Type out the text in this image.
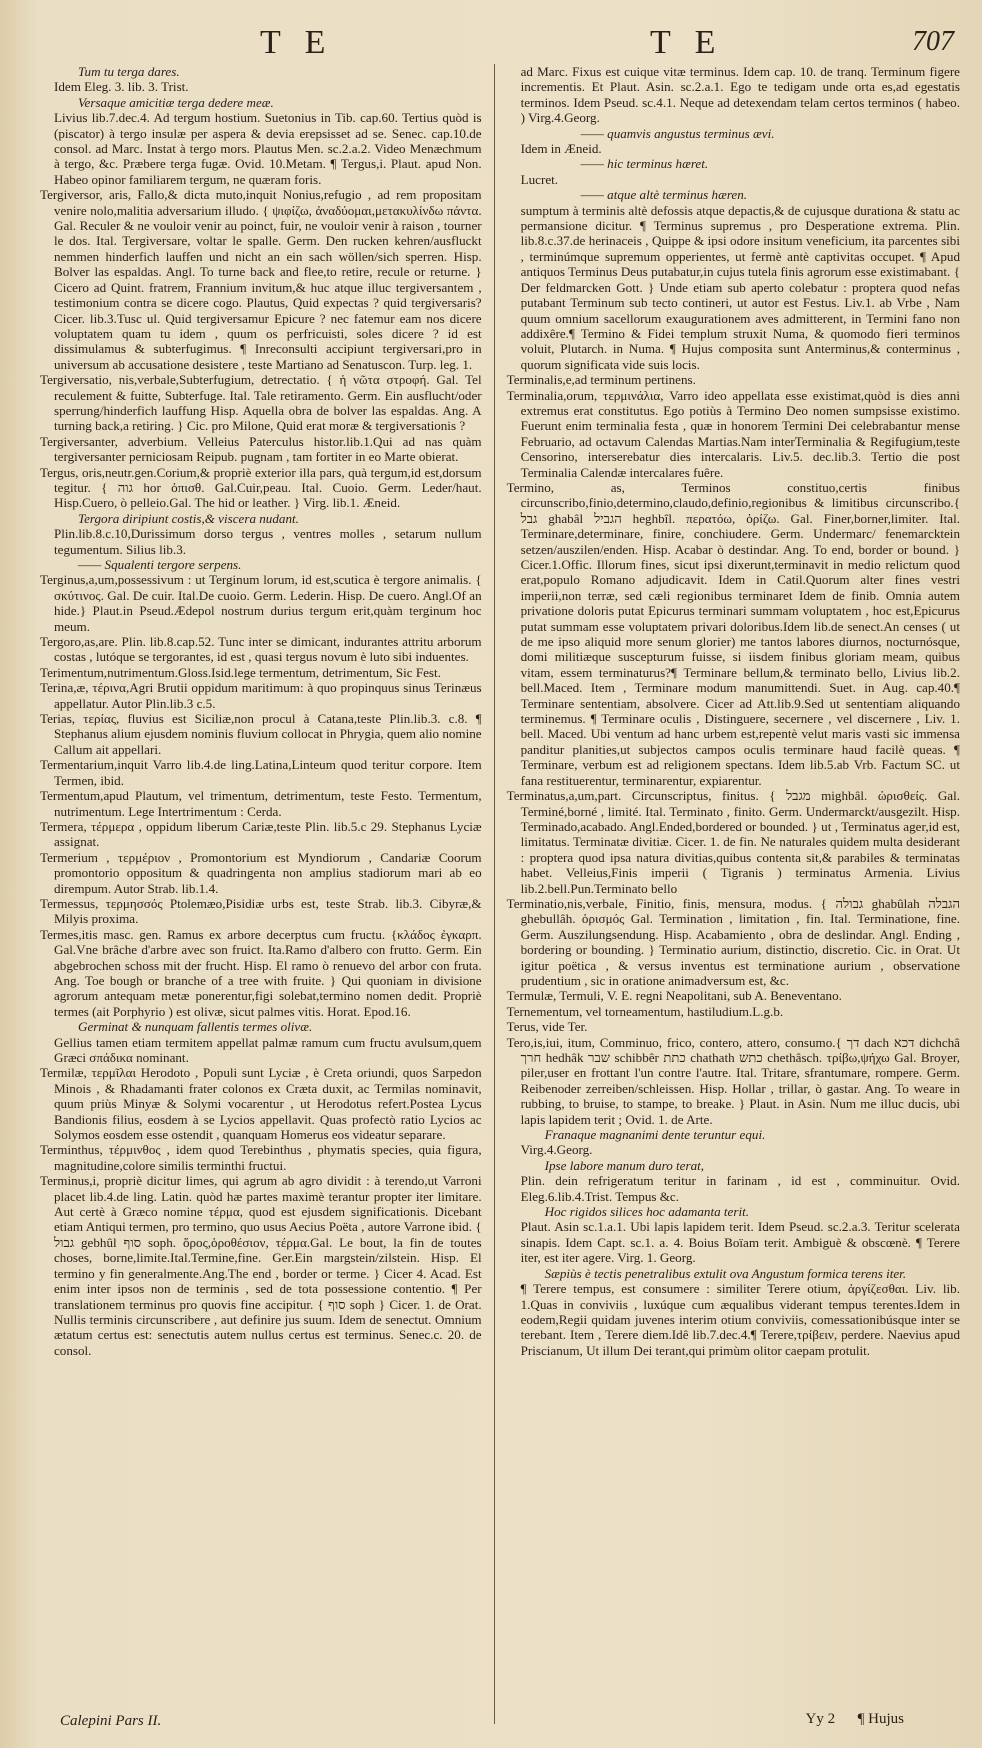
T E	T E	707

Tum tu terga dares.

Idem Eleg. 3. lib. 3. Trist.

Versaque amicitiæ terga dedere meæ.

Livius lib.7.dec.4. Ad tergum hostium. Suetonius in Tib. cap.60. Tertius quòd is (piscator) à tergo insulæ per aspera & devia erepsisset ad se. Senec. cap.10.de consol. ad Marc. Instat à tergo mors. Plautus Men. sc.2.a.2. Video Menæchmum à tergo, &c. Præbere terga fugæ. Ovid. 10.Metam. ¶ Tergus,i. Plaut. apud Non. Habeo opinor familiarem tergum, ne quæram foris.

Tergiversor, aris, Fallo,& dicta muto,inquit Nonius,refugio , ad rem propositam venire nolo,malitia adversarium illudo. { ψιφίζω, ἀναδύομαι,μετακυλίνδω πάντα. Gal. Reculer & ne vouloir venir au poinct, fuir, ne vouloir venir à raison , tourner le dos. Ital. Tergiversare, voltar le spalle. Germ. Den rucken kehren/ausfluckt nemmen hinderfich lauffen und nicht an ein sach wöllen/sich sperren. Hisp. Bolver las espaldas. Angl. To turne back and flee,to retire, recule or returne. } Cicero ad Quint. fratrem, Frannium invitum,& huc atque illuc tergiversantem , testimonium contra se dicere cogo. Plautus, Quid expectas ? quid tergiversaris? Cicer. lib.3.Tusc ul. Quid tergiversamur Epicure ? nec fatemur eam nos dicere voluptatem quam tu idem , quum os perfricuisti, soles dicere ? id est dissimulamus & subterfugimus. ¶ Inreconsulti accipiunt tergiversari,pro in universum ab accusatione desistere , teste Martiano ad Senatuscon. Turp. leg. 1.

Tergiversatio, nis,verbale,Subterfugium, detrectatio. { ἡ νῶτα στροφή. Gal. Tel reculement & fuitte, Subterfuge. Ital. Tale retiramento. Germ. Ein ausflucht/oder sperrung/hinderfich lauffung Hisp. Aquella obra de bolver las espaldas. Ang. A turning back,a retiring. } Cic. pro Milone, Quid erat moræ & tergiversationis ?

Tergiversanter, adverbium. Velleius Paterculus histor.lib.1.Qui ad nas quàm tergiversanter perniciosam Reipub. pugnam , tam fortiter in eo Marte obierat.

Tergus, oris,neutr.gen.Corium,& propriè exterior illa pars, quà tergum,id est,dorsum tegitur. { גוה hor ὀπισθ. Gal.Cuir,peau. Ital. Cuoio. Germ. Leder/haut. Hisp.Cuero, ò pelleio.Gal. The hid or leather. } Virg. lib.1. Æneid.

Tergora diripiunt costis,& viscera nudant.

Plin.lib.8.c.10,Durissimum dorso tergus , ventres molles , setarum nullum tegumentum. Silius lib.3.

—— Squalenti tergore serpens.

Terginus,a,um,possessivum : ut Terginum lorum, id est,scutica è tergore animalis. { σκύτινος. Gal. De cuir. Ital.De cuoio. Germ. Lederin. Hisp. De cuero. Angl.Of an hide.} Plaut.in Pseud.Ædepol nostrum durius tergum erit,quàm terginum hoc meum.

Tergoro,as,are. Plin. lib.8.cap.52. Tunc inter se dimicant, indurantes attritu arborum costas , lutóque se tergorantes, id est , quasi tergus novum è luto sibi induentes.

Terimentum,nutrimentum.Gloss.Isid.lege termentum, detrimentum, Sic Fest.

Terina,æ, τέρινα,Agri Brutii oppidum maritimum: à quo propinquus sinus Terinæus appellatur. Autor Plin.lib.3 c.5.

Terias, τερίας, fluvius est Siciliæ,non procul à Catana,teste Plin.lib.3. c.8. ¶ Stephanus alium ejusdem nominis fluvium collocat in Phrygia, quem alio nomine Callum ait appellari.

Termentarium,inquit Varro lib.4.de ling.Latina,Linteum quod teritur corpore. Item Termen, ibid.

Termentum,apud Plautum, vel trimentum, detrimentum, teste Festo. Termentum, nutrimentum. Lege Intertrimentum : Cerda.

Termera, τέρμερα , oppidum liberum Cariæ,teste Plin. lib.5.c 29. Stephanus Lyciæ assignat.

Termerium , τερμέριον , Promontorium est Myndiorum , Candariæ Coorum promontorio oppositum & quadringenta non amplius stadiorum mari ab eo dirempum. Autor Strab. lib.1.4.

Termessus, τερμησσός Ptolemæo,Pisidiæ urbs est, teste Strab. lib.3. Cibyræ,& Milyis proxima.

Termes,itis masc. gen. Ramus ex arbore decerptus cum fructu. {κλάδος ἐγκαρπ. Gal.Vne brâche d'arbre avec son fruict. Ita.Ramo d'albero con frutto. Germ. Ein abgebrochen schoss mit der frucht. Hisp. El ramo ò renuevo del arbor con fruta. Ang. Toe bough or branche of a tree with fruite. } Qui quoniam in divisione agrorum antequam metæ ponerentur,figi solebat,termino nomen dedit. Propriè termes (ait Porphyrio ) est olivæ, sicut palmes vitis. Horat. Epod.16.

Germinat & nunquam fallentis termes olivæ.

Gellius tamen etiam termitem appellat palmæ ramum cum fructu avulsum,quem Græci σπάδικα nominant.

Termilæ, τερμῖλαι Herodoto , Populi sunt Lyciæ , è Creta oriundi, quos Sarpedon Minois , & Rhadamanti frater colonos ex Cræta duxit, ac Termilas nominavit, quum priùs Minyæ & Solymi vocarentur , ut Herodotus refert.Postea Lycus Bandionis filius, eosdem à se Lycios appellavit. Quas profectò ratio Lycios ac Solymos eosdem esse ostendit , quanquam Homerus eos videatur separare.

Terminthus, τέρμινθος , idem quod Terebinthus , phymatis species, quia figura, magnitudine,colore similis terminthi fructui.

Terminus,i, propriè dicitur limes, qui agrum ab agro dividit : à terendo,ut Varroni placet lib.4.de ling. Latin. quòd hæ partes maximè terantur propter iter limitare. Aut certè à Græco nomine τέρμα, quod est ejusdem significationis. Dicebant etiam Antiqui termen, pro termino, quo usus Aecius Poëta , autore Varrone ibid. { גבול gebhûl סוף soph. ὅρος,ὁροθέσιον, τέρμα.Gal. Le bout, la fin de toutes choses, borne,limite.Ital.Termine,fine. Ger.Ein margstein/zilstein. Hisp. El termino y fin generalmente.Ang.The end , border or terme. } Cicer 4. Acad. Est enim inter ipsos non de terminis , sed de tota possessione contentio. ¶ Per translationem terminus pro quovis fine accipitur. { סוף soph } Cicer. 1. de Orat. Nullis terminis circunscribere , aut definire jus suum. Idem de senectut. Omnium ætatum certus est: senectutis autem nullus certus est terminus. Senec.c. 20. de consol.

ad Marc. Fixus est cuique vitæ terminus. Idem cap. 10. de tranq. Terminum figere incrementis. Et Plaut. Asin. sc.2.a.1. Ego te tedigam unde orta es,ad egestatis terminos. Idem Pseud. sc.4.1. Neque ad detexendam telam certos terminos ( habeo. ) Virg.4.Georg.

—— quamvis angustus terminus ævi.

Idem in Æneid.

—— hic terminus hæret.

Lucret.

—— atque altè terminus hæren.

sumptum à terminis altè defossis atque depactis,& de cujusque durationa & statu ac permansione dicitur. ¶ Terminus supremus , pro Desperatione extrema. Plin. lib.8.c.37.de herinaceis , Quippe & ipsi odore insitum veneficium, ita parcentes sibi , terminúmque supremum opperientes, ut fermè antè captivitas occupet. ¶ Apud antiquos Terminus Deus putabatur,in cujus tutela finis agrorum esse existimabant. { Der feldmarcken Gott. } Unde etiam sub aperto colebatur : proptera quod nefas putabant Terminum sub tecto contineri, ut autor est Festus. Liv.1. ab Vrbe , Nam quum omnium sacellorum exaugurationem aves admitterent, in Termini fano non addixêre.¶ Termino & Fidei templum struxit Numa, & quomodo fieri terminos voluit, Plutarch. in Numa. ¶ Hujus composita sunt Anterminus,& conterminus , quorum significata vide suis locis.

Terminalis,e,ad terminum pertinens.

Terminalia,orum, τερμινάλια, Varro ideo appellata esse existimat,quòd is dies anni extremus erat constitutus. Ego potiùs à Termino Deo nomen sumpsisse existimo. Fuerunt enim terminalia festa , quæ in honorem Termini Dei celebrabantur mense Februario, ad octavum Calendas Martias.Nam interTerminalia & Regifugium,teste Censorino, interserebatur dies intercalaris. Liv.5. dec.lib.3. Tertio die post Terminalia Calendæ intercalares fuêre.

Termino, as, Terminos constituo,certis finibus circunscribo,finio,determino,claudo,definio,regionibus & limitibus circunscribo.{ גבל ghabâl הגביל heghbîl. περατόω, ὁρίζω. Gal. Finer,borner,limiter. Ital. Terminare,determinare, finire, conchiudere. Germ. Undermarc/ fenemarcktein setzen/auszilen/enden. Hisp. Acabar ò destindar. Ang. To end, border or bound. } Cicer.1.Offic. Illorum fines, sicut ipsi dixerunt,terminavit in medio relictum quod erat,populo Romano adjudicavit. Idem in Catil.Quorum alter fines vestri imperii,non terræ, sed cæli regionibus terminaret Idem de finib. Omnia autem privatione doloris putat Epicurus terminari summam voluptatem , hoc est,Epicurus putat summam esse voluptatem privari doloribus.Idem lib.de senect.An censes ( ut de me ipso aliquid more senum glorier) me tantos labores diurnos, nocturnósque, domi militiæque suscepturum fuisse, si iisdem finibus gloriam meam, quibus vitam, essem terminaturus?¶ Terminare bellum,& terminato bello, Livius lib.2. bell.Maced. Item , Terminare modum manumittendi. Suet. in Aug. cap.40.¶ Terminare sententiam, absolvere. Cicer ad Att.lib.9.Sed ut sententiam aliquando terminemus. ¶ Terminare oculis , Distinguere, secernere , vel discernere , Liv. 1. bell. Maced. Ubi ventum ad hanc urbem est,repentè velut maris vasti sic immensa panditur planities,ut subjectos campos oculis terminare haud facilè queas. ¶ Terminare, verbum est ad religionem spectans. Idem lib.5.ab Vrb. Factum SC. ut fana restituerentur, terminarentur, expiarentur.

Terminatus,a,um,part. Circunscriptus, finitus. { מגבל mighbâl. ὡρισθείς. Gal. Terminé,borné , limité. Ital. Terminato , finito. Germ. Undermarckt/ausgezilt. Hisp. Terminado,acabado. Angl.Ended,bordered or bounded. } ut , Terminatus ager,id est, limitatus. Terminatæ divitiæ. Cicer. 1. de fin. Ne naturales quidem multa desiderant : proptera quod ipsa natura divitias,quibus contenta sit,& parabiles & terminatas habet. Velleius,Finis imperii ( Tigranis ) terminatus Armenia. Livius lib.2.bell.Pun.Terminato bello

Terminatio,nis,verbale, Finitio, finis, mensura, modus. { גבולה ghabûlah הגבלה ghebullâh. ὁρισμός Gal. Termination , limitation , fin. Ital. Terminatione, fine. Germ. Auszilungsendung. Hisp. Acabamiento , obra de deslindar. Angl. Ending , bordering or bounding. } Terminatio aurium, distinctio, discretio. Cic. in Orat. Ut igitur poëtica , & versus inventus est terminatione aurium , observatione prudentium , sic in oratione animadversum est, &c.

Termulæ, Termuli, V. E. regni Neapolitani, sub A. Beneventano.

Ternementum, vel torneamentum, hastiludium.L.g.b.

Terus, vide Ter.

Tero,is,iui, itum, Comminuo, frico, contero, attero, consumo.{ דך dach דכא dichchâ חרך hedhâk שבר schibbêr כתת chathath כתש chethâsch. τρίβω,ψήχω Gal. Broyer, piler,user en frottant l'un contre l'autre. Ital. Tritare, sfrantumare, rompere. Germ. Reibenoder zerreiben/schleissen. Hisp. Hollar , trillar, ò gastar. Ang. To weare in rubbing, to bruise, to stampe, to breake. } Plaut. in Asin. Num me illuc ducis, ubi lapis lapidem terit ; Ovid. 1. de Arte.

Franaque magnanimi dente teruntur equi.

Virg.4.Georg.

Ipse labore manum duro terat,

Plin. dein refrigeratum teritur in farinam , id est , comminuitur. Ovid. Eleg.6.lib.4.Trist. Tempus &c.

Hoc rigidos silices hoc adamanta terit.

Plaut. Asin sc.1.a.1. Ubi lapis lapidem terit. Idem Pseud. sc.2.a.3. Teritur scelerata sinapis. Idem Capt. sc.1. a. 4. Boius Boïam terit. Ambiguè & obscœnè. ¶ Terere iter, est iter agere. Virg. 1. Georg.

Sæpiùs è tectis penetralibus extulit ova Angustum formica terens iter.

¶ Terere tempus, est consumere : similiter Terere otium, ἀργίζεσθαι. Liv. lib. 1.Quas in conviviis , luxúque cum æqualibus viderant tempus terentes.Idem in eodem,Regii quidam juvenes interim otium conviviis, comessationibúsque inter se terebant. Item , Terere diem.Idê lib.7.dec.4.¶ Terere,τρίβειν, perdere. Naevius apud Priscianum, Ut illum Dei terant,qui primùm olitor caepam protulit.

Calepini Pars II.	Yy 2 ¶ Hujus
